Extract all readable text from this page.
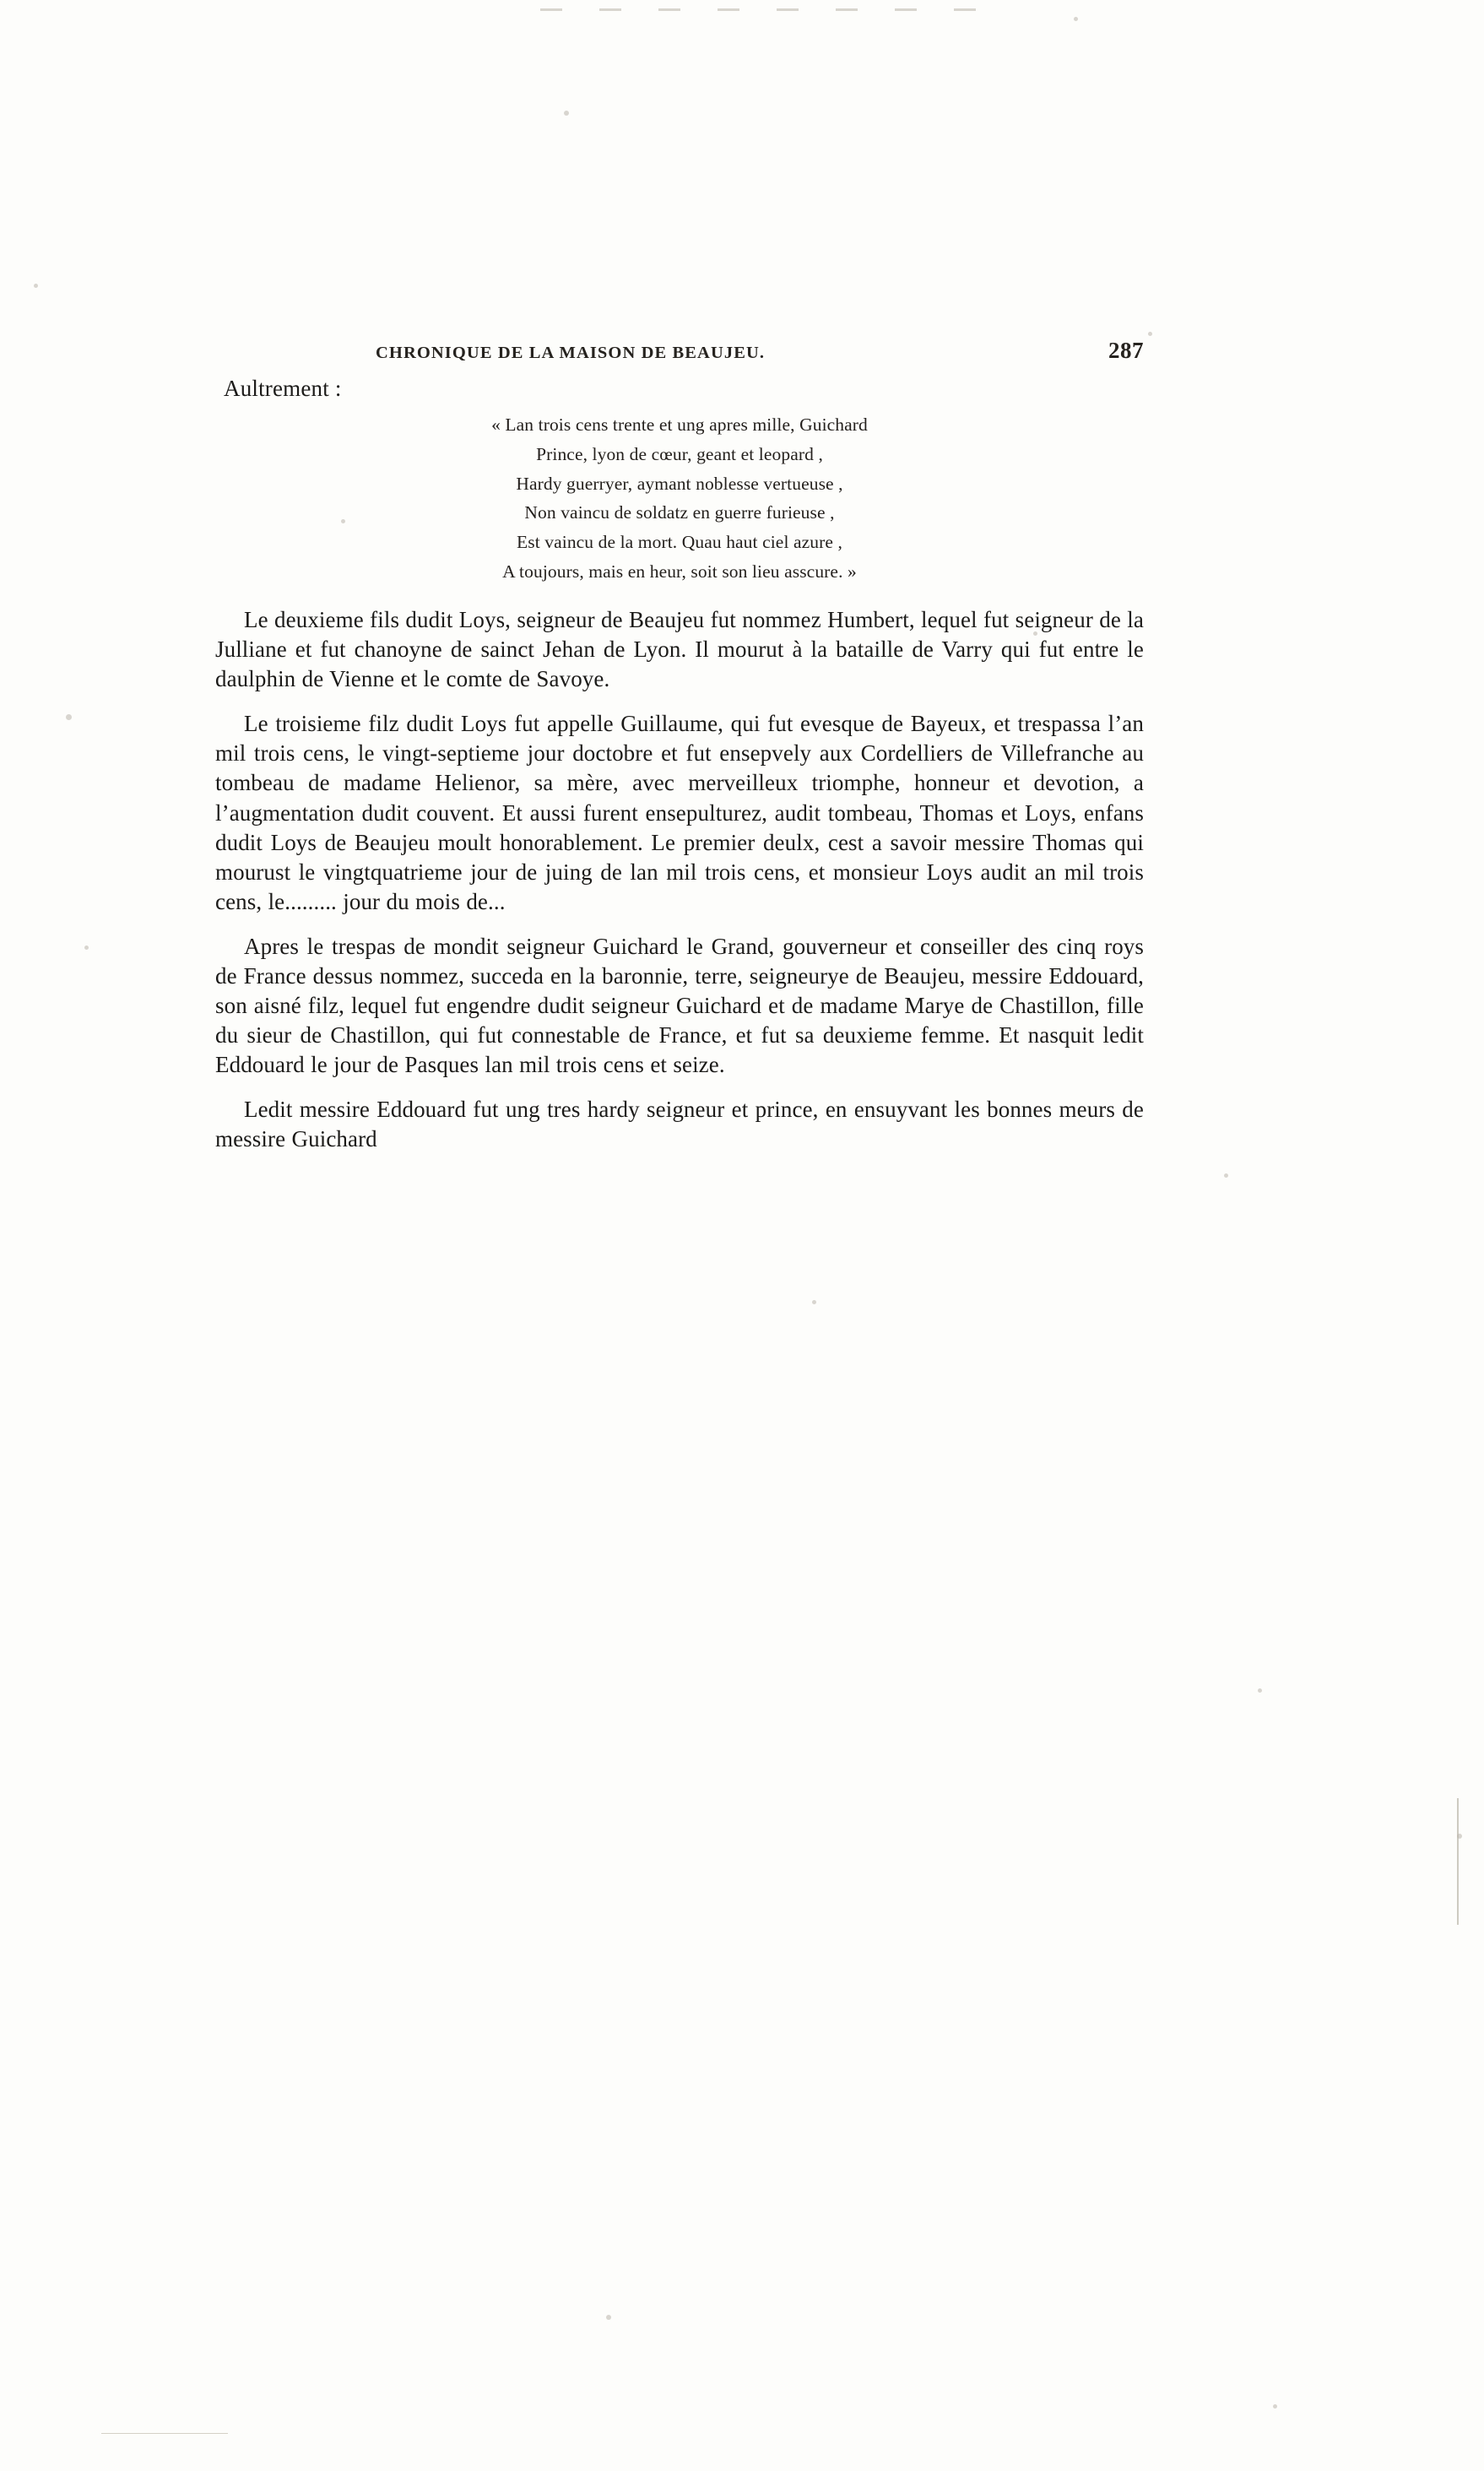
CHRONIQUE DE LA MAISON DE BEAUJEU.	287
Aultrement :
« Lan trois cens trente et ung apres mille, Guichard
Prince, lyon de cœur, geant et leopard ,
Hardy guerryer, aymant noblesse vertueuse ,
Non vaincu de soldatz en guerre furieuse ,
Est vaincu de la mort. Quau haut ciel azure ,
A toujours, mais en heur, soit son lieu asscure. »

Le deuxieme fils dudit Loys, seigneur de Beaujeu fut nommez Humbert, lequel fut seigneur de la Julliane et fut chanoyne de sainct Jehan de Lyon. Il mourut à la bataille de Varry qui fut entre le daulphin de Vienne et le comte de Savoye.

Le troisieme filz dudit Loys fut appelle Guillaume, qui fut evesque de Bayeux, et trespassa l’an mil trois cens, le vingt-septieme jour doctobre et fut ensepvely aux Cordelliers de Villefranche au tombeau de madame Helienor, sa mère, avec merveilleux triomphe, honneur et devotion, a l’augmentation dudit couvent. Et aussi furent ensepulturez, audit tombeau, Thomas et Loys, enfans dudit Loys de Beaujeu moult honorablement. Le premier deulx, cest a savoir messire Thomas qui mourust le vingtquatrieme jour de juing de lan mil trois cens, et monsieur Loys audit an mil trois cens, le......... jour du mois de...

Apres le trespas de mondit seigneur Guichard le Grand, gouverneur et conseiller des cinq roys de France dessus nommez, succeda en la baronnie, terre, seigneurye de Beaujeu, messire Eddouard, son aisné filz, lequel fut engendre dudit seigneur Guichard et de madame Marye de Chastillon, fille du sieur de Chastillon, qui fut connestable de France, et fut sa deuxieme femme. Et nasquit ledit Eddouard le jour de Pasques lan mil trois cens et seize.

Ledit messire Eddouard fut ung tres hardy seigneur et prince, en ensuyvant les bonnes meurs de messire Guichard
